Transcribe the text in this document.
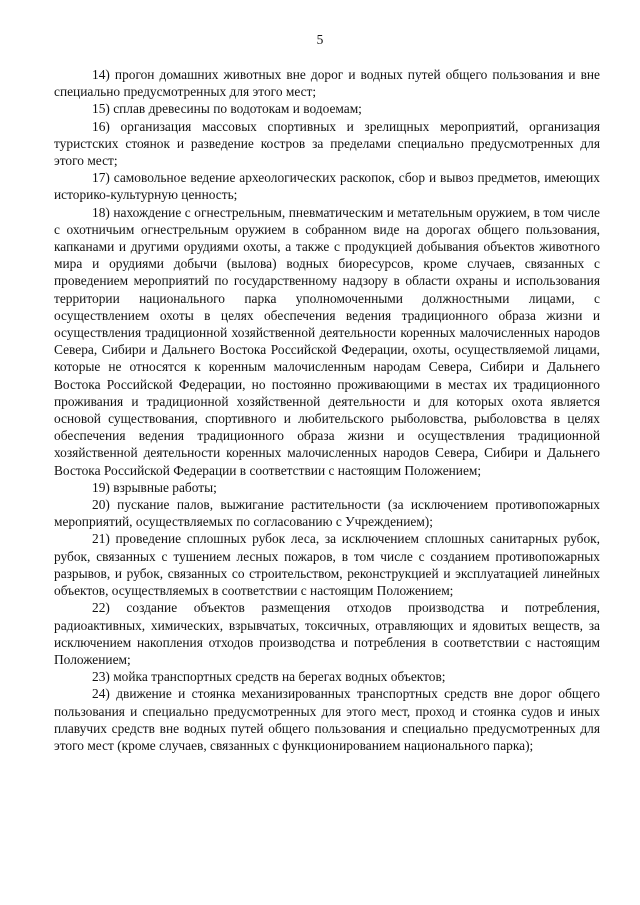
5

14) прогон домашних животных вне дорог и водных путей общего пользования и вне специально предусмотренных для этого мест;

15) сплав древесины по водотокам и водоемам;

16) организация массовых спортивных и зрелищных мероприятий, организация туристских стоянок и разведение костров за пределами специально предусмотренных для этого мест;

17) самовольное ведение археологических раскопок, сбор и вывоз предметов, имеющих историко-культурную ценность;

18) нахождение с огнестрельным, пневматическим и метательным оружием, в том числе с охотничьим огнестрельным оружием в собранном виде на дорогах общего пользования, капканами и другими орудиями охоты, а также с продукцией добывания объектов животного мира и орудиями добычи (вылова) водных биоресурсов, кроме случаев, связанных с проведением мероприятий по государственному надзору в области охраны и использования территории национального парка уполномоченными должностными лицами, с осуществлением охоты в целях обеспечения ведения традиционного образа жизни и осуществления традиционной хозяйственной деятельности коренных малочисленных народов Севера, Сибири и Дальнего Востока Российской Федерации, охоты, осуществляемой лицами, которые не относятся к коренным малочисленным народам Севера, Сибири и Дальнего Востока Российской Федерации, но постоянно проживающими в местах их традиционного проживания и традиционной хозяйственной деятельности и для которых охота является основой существования, спортивного и любительского рыболовства, рыболовства в целях обеспечения ведения традиционного образа жизни и осуществления традиционной хозяйственной деятельности коренных малочисленных народов Севера, Сибири и Дальнего Востока Российской Федерации в соответствии с настоящим Положением;

19) взрывные работы;

20) пускание палов, выжигание растительности (за исключением противопожарных мероприятий, осуществляемых по согласованию с Учреждением);

21) проведение сплошных рубок леса, за исключением сплошных санитарных рубок, рубок, связанных с тушением лесных пожаров, в том числе с созданием противопожарных разрывов, и рубок, связанных со строительством, реконструкцией и эксплуатацией линейных объектов, осуществляемых в соответствии с настоящим Положением;

22) создание объектов размещения отходов производства и потребления, радиоактивных, химических, взрывчатых, токсичных, отравляющих и ядовитых веществ, за исключением накопления отходов производства и потребления в соответствии с настоящим Положением;

23) мойка транспортных средств на берегах водных объектов;

24) движение и стоянка механизированных транспортных средств вне дорог общего пользования и специально предусмотренных для этого мест, проход и стоянка судов и иных плавучих средств вне водных путей общего пользования и специально предусмотренных для этого мест (кроме случаев, связанных с функционированием национального парка);
